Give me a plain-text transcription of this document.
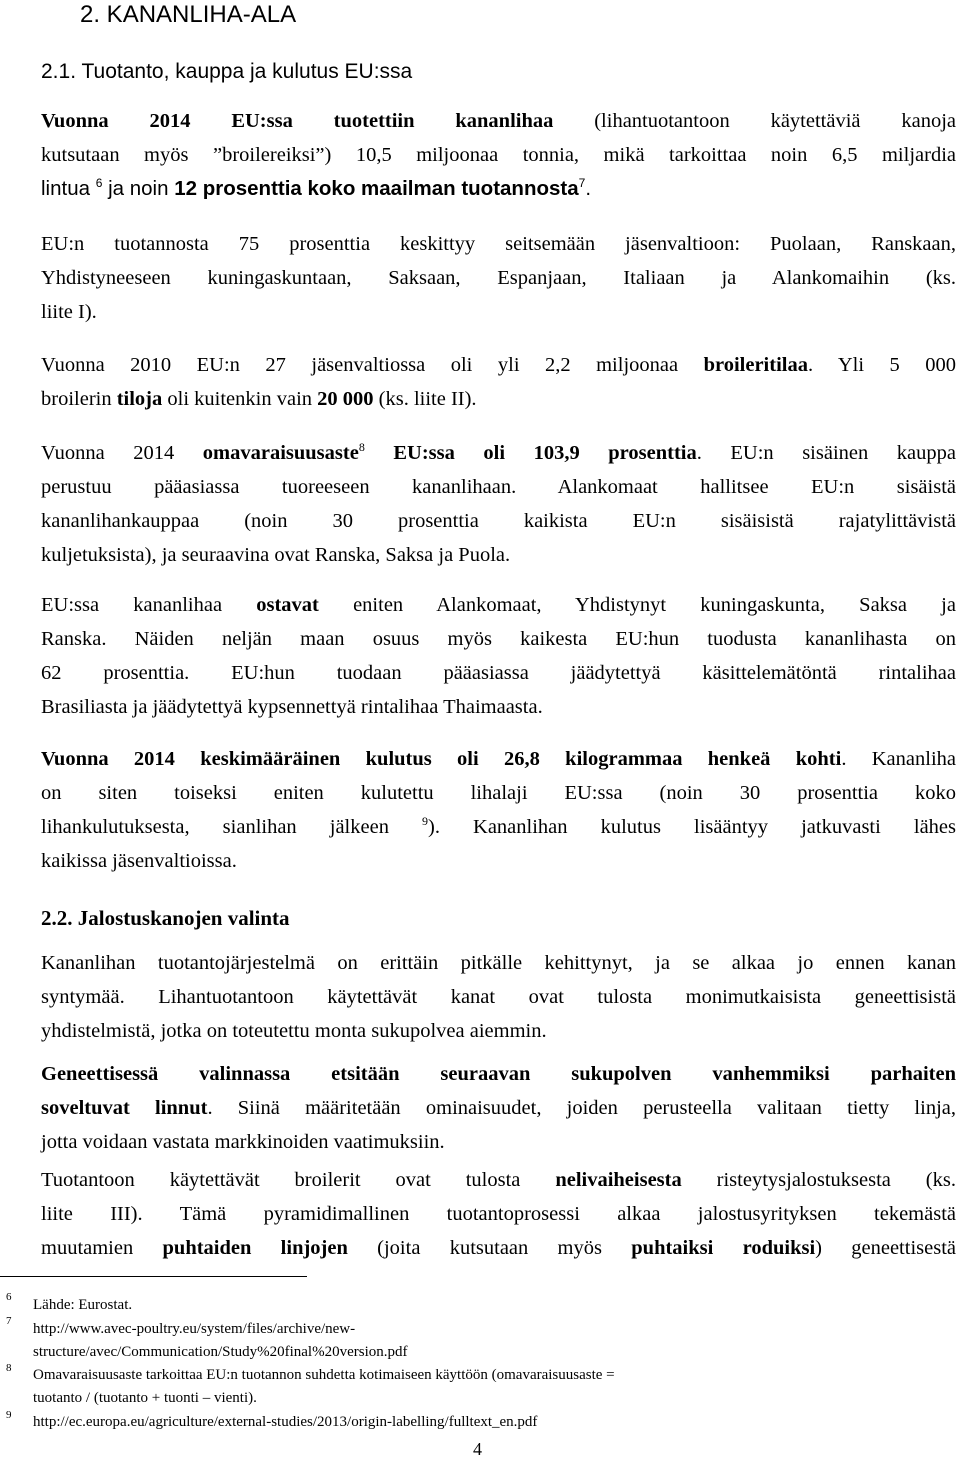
2. KANANLIHA-ALA
2.1. Tuotanto, kauppa ja kulutus EU:ssa
Vuonna 2014 EU:ssa tuotettiin kananlihaa (lihantuotantoon käytettäviä kanoja
kutsutaan myös ”broilereiksi”) 10,5 miljoonaa tonnia, mikä tarkoittaa noin 6,5 miljardia
lintua $^6$ ja noin 12 prosenttia koko maailman tuotannosta$^7$.
EU:n tuotannosta 75 prosenttia keskittyy seitsemään jäsenvaltioon: Puolaan, Ranskaan,
Yhdistyneeseen kuningaskuntaan, Saksaan, Espanjaan, Italiaan ja Alankomaihin (ks.
liite I).
Vuonna 2010 EU:n 27 jäsenvaltiossa oli yli 2,2 miljoonaa broileritilaa. Yli 5 000
broilerin tiloja oli kuitenkin vain 20 000 (ks. liite II).
Vuonna 2014 omavaraisuusaste$^8$ EU:ssa oli 103,9 prosenttia. EU:n sisäinen kauppa
perustuu pääasiassa tuoreeseen kananlihaan. Alankomaat hallitsee EU:n sisäistä
kananlihankauppaa (noin 30 prosenttia kaikista EU:n sisäisistä rajatylittävistä
kuljetuksista), ja seuraavina ovat Ranska, Saksa ja Puola.
EU:ssa kananlihaa ostavat eniten Alankomaat, Yhdistynyt kuningaskunta, Saksa ja
Ranska. Näiden neljän maan osuus myös kaikesta EU:hun tuodusta kananlihasta on
62 prosenttia. EU:hun tuodaan pääasiassa jäädytettyä käsittelemätöntä rintalihaa
Brasiliasta ja jäädytettyä kypsennettyä rintalihaa Thaimaasta.
Vuonna 2014 keskimääräinen kulutus oli 26,8 kilogrammaa henkeä kohti. Kananliha
on siten toiseksi eniten kulutettu lihalaji EU:ssa (noin 30 prosenttia koko
lihankulutuksesta, sianlihan jälkeen $^9$). Kananlihan kulutus lisääntyy jatkuvasti lähes
kaikissa jäsenvaltioissa.
2.2. Jalostuskanojen valinta
Kananlihan tuotantojärjestelmä on erittäin pitkälle kehittynyt, ja se alkaa jo ennen kanan
syntymää. Lihantuotantoon käytettävät kanat ovat tulosta monimutkaisista geneettisistä
yhdistelmistä, jotka on toteutettu monta sukupolvea aiemmin.
Geneettisessä valinnassa etsitään seuraavan sukupolven vanhemmiksi parhaiten
soveltuvat linnut. Siinä määritetään ominaisuudet, joiden perusteella valitaan tietty linja,
jotta voidaan vastata markkinoiden vaatimuksiin.
Tuotantoon käytettävät broilerit ovat tulosta nelivaiheisesta risteytysjalostuksesta (ks.
liite III). Tämä pyramidimallinen tuotantoprosessi alkaa jalostusyrityksen tekemästä
muutamien puhtaiden linjojen (joita kutsutaan myös puhtaiksi roduiksi) geneettisestä
6 Lähde: Eurostat.
7 http://www.avec-poultry.eu/system/files/archive/new-
structure/avec/Communication/Study%20final%20version.pdf
8 Omavaraisuusaste tarkoittaa EU:n tuotannon suhdetta kotimaiseen käyttöön (omavaraisuusaste =
tuotanto / (tuotanto + tuonti – vienti).
9 http://ec.europa.eu/agriculture/external-studies/2013/origin-labelling/fulltext_en.pdf
4
